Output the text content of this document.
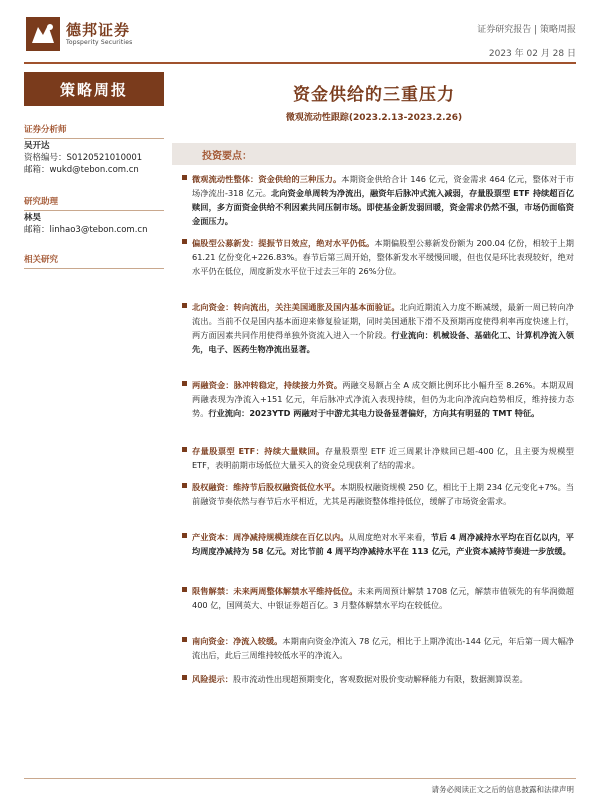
德邦证券
Topsperity Securities
证券研究报告 | 策略周报
2023 年 02 月 28 日
策略周报
证券分析师
吴开达
资格编号：S0120521010001
邮箱：wukd@tebon.com.cn
研究助理
林昊
邮箱：linhao3@tebon.com.cn
相关研究
资金供给的三重压力
微观流动性跟踪(2023.2.13-2023.2.26)
投资要点：
微观流动性整体：资金供给的三种压力。本期资金供给合计 146 亿元，资金需求 464 亿元，整体对于市场净流出-318 亿元。北向资金单周转为净流出，融资年后脉冲式流入减弱，存量股票型 ETF 持续超百亿赎回，多方面资金供给不利因素共同压制市场。即使基金新发弱回暖，资金需求仍然不强，市场仍面临资金面压力。
偏股型公募新发：提振节日效应，绝对水平仍低。本期偏股型公募新发份额为 200.04 亿份，相较于上期 61.21 亿份变化+226.83%。春节后第三周开始，整体新发水平缓慢回暖，但也仅是环比表现较好，绝对水平仍在低位，周度新发水平位于过去三年的 26%分位。
北向资金：转向流出，关注美国通胀及国内基本面验证。北向近期流入力度不断减缓，最新一周已转向净流出。当前不仅是国内基本面迎来修复验证期，同时美国通胀下滑不及预期再度使得利率再度快速上行，两方面因素共同作用使得单独外资流入进入一个阶段。行业流向：机械设备、基础化工、计算机净流入领先，电子、医药生物净流出显著。
两融资金：脉冲转稳定，持续接力外资。两融交易额占全 A 成交额比例环比小幅升至 8.26%。本期双周两融表现为净流入+151 亿元，年后脉冲式净流入表现持续，但仍为北向净流向趋势相反，维持接力态势。行业流向：2023YTD 两融对于中游尤其电力设备显著偏好，方向其有明显的 TMT 特征。
存量股票型 ETF：持续大量赎回。存量股票型 ETF 近三周累计净赎回已超-400 亿，且主要为规模型 ETF，表明前期市场低位大量买入的资金兑现获利了结的需求。
股权融资：维持节后股权融资低位水平。本期股权融资规模 250 亿，相比于上期 234 亿元变化+7%。当前融资节奏依然与春节后水平相近，尤其是再融资整体维持低位，缓解了市场资金需求。
产业资本：周净减持规模连续在百亿以内。从周度绝对水平来看，节后 4 周净减持水平均在百亿以内，平均周度净减持为 58 亿元。对比节前 4 周平均净减持水平在 113 亿元，产业资本减持节奏进一步放缓。
限售解禁：未来两周整体解禁水平维持低位。未来两周预计解禁 1708 亿元，解禁市值领先的有华润微超 400 亿，国网英大、中银证券超百亿。3 月整体解禁水平均在较低位。
南向资金：净流入较缓。本期南向资金净流入 78 亿元，相比于上期净流出-144 亿元，年后第一周大幅净流出后，此后三周维持较低水平的净流入。
风险提示：股市流动性出现超预期变化，客观数据对股价变动解释能力有限，数据测算误差。
请务必阅读正文之后的信息披露和法律声明
